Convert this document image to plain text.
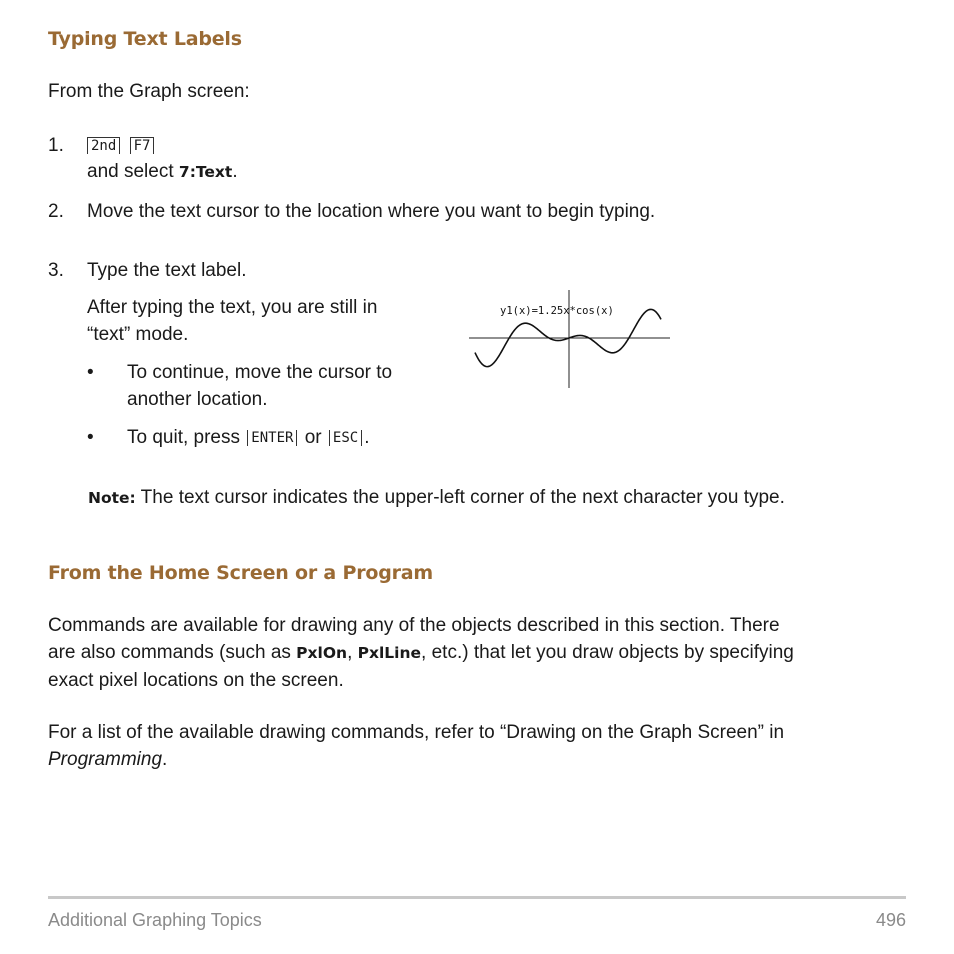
Typing Text Labels
From the Graph screen:
1.	2nd F7
and select 7:Text.
2. Move the text cursor to the location where you want to begin typing.
3. Type the text label.
After typing the text, you are still in
“text” mode.
• To continue, move the cursor to
another location.
• To quit, press ENTER or ESC .
y1(x)=1.25x*cos(x)
Note: The text cursor indicates the upper-left corner of the next character you type.
From the Home Screen or a Program
Commands are available for drawing any of the objects described in this section. There
are also commands (such as PxlOn, PxlLine, etc.) that let you draw objects by specifying
exact pixel locations on the screen.
For a list of the available drawing commands, refer to “Drawing on the Graph Screen” in
Programming.
Additional Graphing Topics	496
